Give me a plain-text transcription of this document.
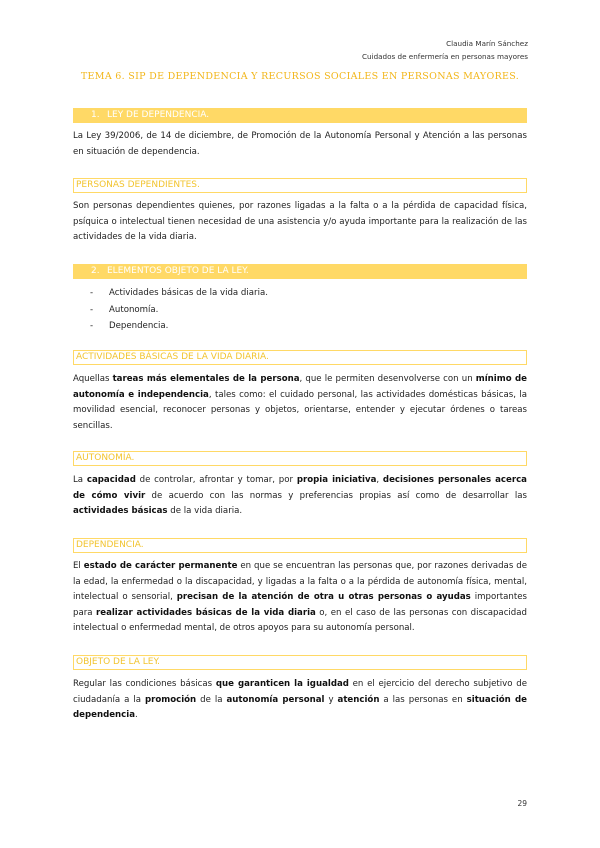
Claudia Marín Sánchez
Cuidados de enfermería en personas mayores
TEMA 6. SIP DE DEPENDENCIA Y RECURSOS SOCIALES EN PERSONAS MAYORES.
1. LEY DE DEPENDENCIA.

La Ley 39/2006, de 14 de diciembre, de Promoción de la Autonomía Personal y Atención a las personas en situación de dependencia.

PERSONAS DEPENDIENTES.

Son personas dependientes quienes, por razones ligadas a la falta o a la pérdida de capacidad física, psíquica o intelectual tienen necesidad de una asistencia y/o ayuda importante para la realización de las actividades de la vida diaria.

2. ELEMENTOS OBJETO DE LA LEY.
- Actividades básicas de la vida diaria.
- Autonomía.
- Dependencia.
ACTIVIDADES BÁSICAS DE LA VIDA DIARIA.

Aquellas tareas más elementales de la persona, que le permiten desenvolverse con un mínimo de autonomía e independencia, tales como: el cuidado personal, las actividades domésticas básicas, la movilidad esencial, reconocer personas y objetos, orientarse, entender y ejecutar órdenes o tareas sencillas.

AUTONOMÍA.

La capacidad de controlar, afrontar y tomar, por propia iniciativa, decisiones personales acerca de cómo vivir de acuerdo con las normas y preferencias propias así como de desarrollar las actividades básicas de la vida diaria.

DEPENDENCIA.

El estado de carácter permanente en que se encuentran las personas que, por razones derivadas de la edad, la enfermedad o la discapacidad, y ligadas a la falta o a la pérdida de autonomía física, mental, intelectual o sensorial, precisan de la atención de otra u otras personas o ayudas importantes para realizar actividades básicas de la vida diaria o, en el caso de las personas con discapacidad intelectual o enfermedad mental, de otros apoyos para su autonomía personal.

OBJETO DE LA LEY.

Regular las condiciones básicas que garanticen la igualdad en el ejercicio del derecho subjetivo de ciudadanía a la promoción de la autonomía personal y atención a las personas en situación de dependencia.

29
